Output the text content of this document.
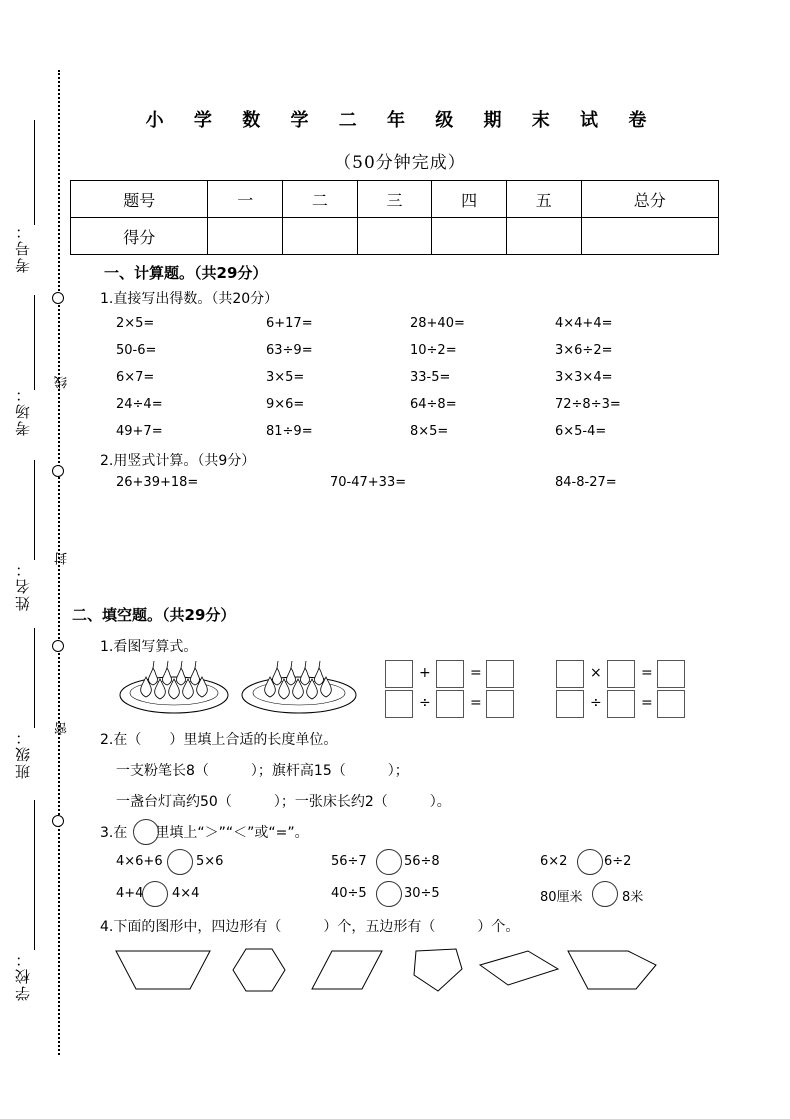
考号：
考场：
姓名：
班级：
学校：
线
封
密
小 学 数 学 二 年 级 期 末 试 卷
（50分钟完成）
题号	一	二	三	四	五	总分
得分						
一、计算题。（共29分）
1.直接写出得数。（共20分）
2×5=	6+17=	28+40=	4×4+4=
50-6=	63÷9=	10÷2=	3×6÷2=
6×7=	3×5=	33-5=	3×3×4=
24÷4=	9×6=	64÷8=	72÷8÷3=
49+7=	81÷9=	8×5=	6×5-4=
2.用竖式计算。（共9分）
26+39+18=	70-47+33=	84-8-27=
二、填空题。（共29分）
1.看图写算式。
+	=
÷	=
×	=
÷	=
2.在（　　）里填上合适的长度单位。
一支粉笔长8（　　　）；旗杆高15（　　　）；
一盏台灯高约50（　　　）；一张床长约2（　　　）。
3.在　　里填上“＞”“＜”或“=”。
4×6+6	5×6	56÷7	56÷8	6×2	6÷2
4+4 4×4	40÷5	30÷5	80厘米	8米
4.下面的图形中，四边形有（　　　）个，五边形有（　　　）个。
